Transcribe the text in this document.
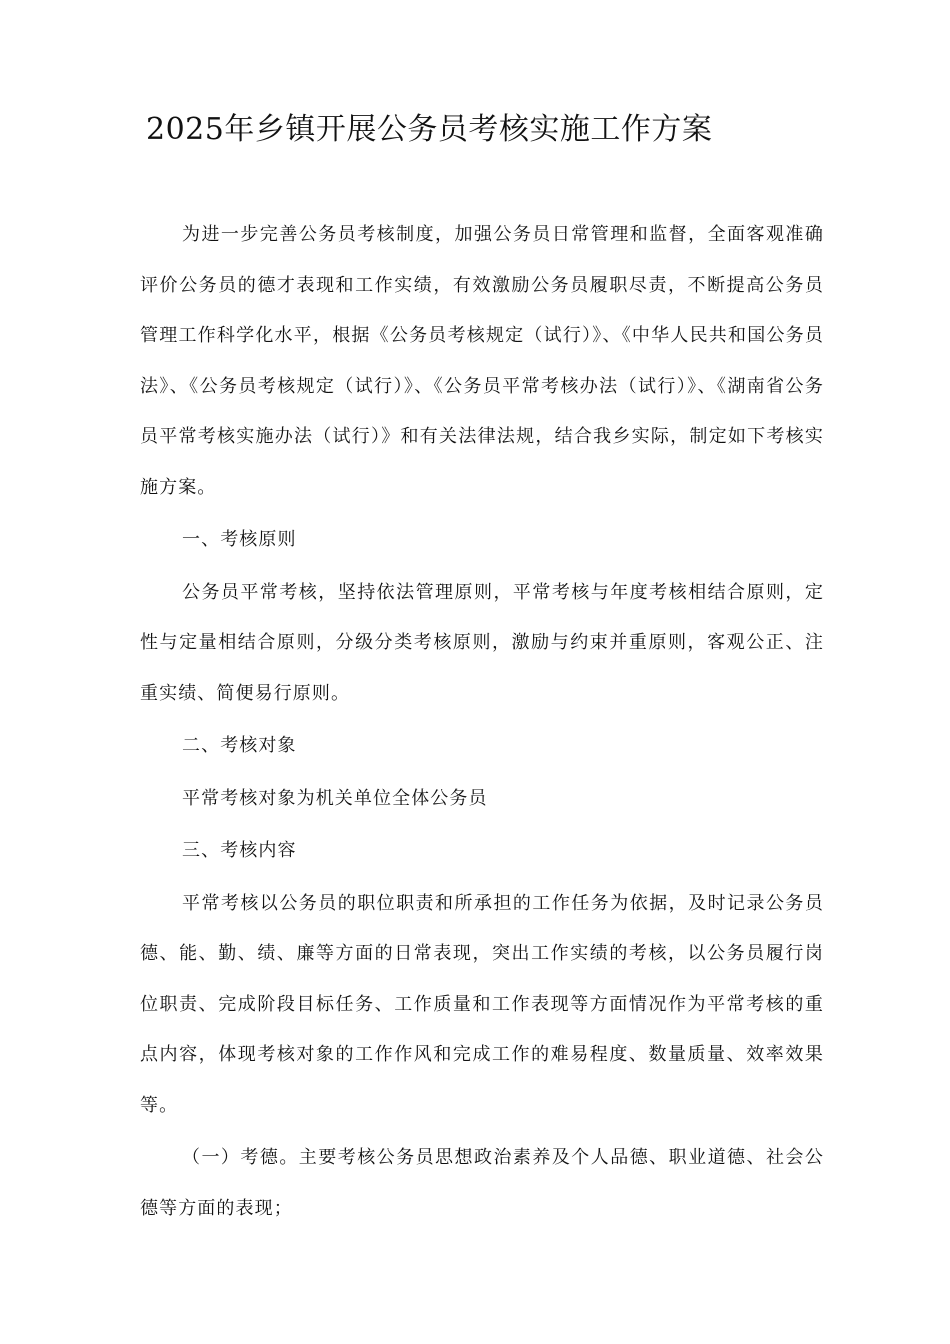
2025年乡镇开展公务员考核实施工作方案

为进一步完善公务员考核制度，加强公务员日常管理和监督，全面客观准确评价公务员的德才表现和工作实绩，有效激励公务员履职尽责，不断提高公务员管理工作科学化水平，根据《公务员考核规定（试行）》、《中华人民共和国公务员法》、《公务员考核规定（试行）》、《公务员平常考核办法（试行）》、《湖南省公务员平常考核实施办法（试行）》和有关法律法规，结合我乡实际，制定如下考核实施方案。

一、考核原则

公务员平常考核，坚持依法管理原则，平常考核与年度考核相结合原则，定性与定量相结合原则，分级分类考核原则，激励与约束并重原则，客观公正、注重实绩、简便易行原则。

二、考核对象

平常考核对象为机关单位全体公务员

三、考核内容

平常考核以公务员的职位职责和所承担的工作任务为依据，及时记录公务员德、能、勤、绩、廉等方面的日常表现，突出工作实绩的考核，以公务员履行岗位职责、完成阶段目标任务、工作质量和工作表现等方面情况作为平常考核的重点内容，体现考核对象的工作作风和完成工作的难易程度、数量质量、效率效果等。

（一）考德。主要考核公务员思想政治素养及个人品德、职业道德、社会公德等方面的表现；
